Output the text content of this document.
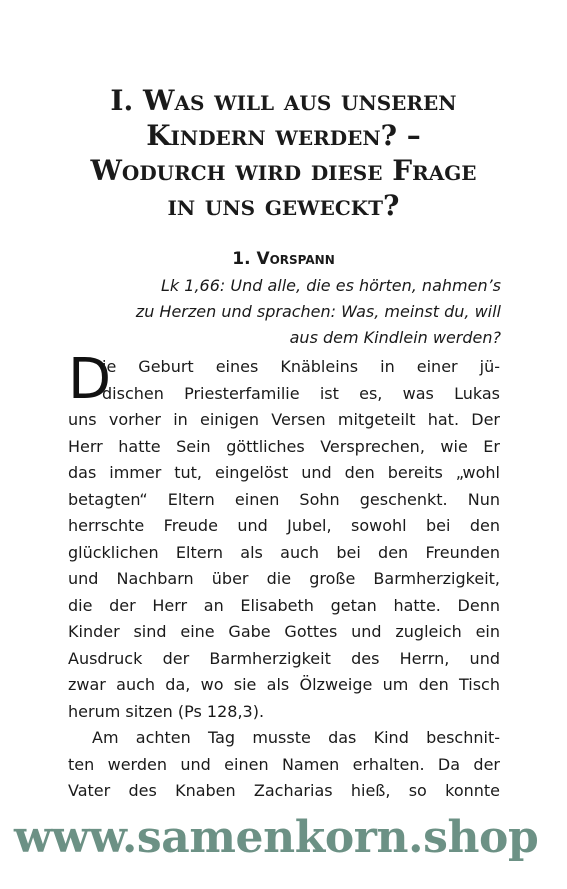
I. Was will aus unseren
Kindern werden? –
Wodurch wird diese Frage
in uns geweckt?
1. Vorspann
Lk 1,66: Und alle, die es hörten, nahmen’s
zu Herzen und sprachen: Was, meinst du, will
aus dem Kindlein werden?
D
ie Geburt eines Knäbleins in einer jü-
dischen Priesterfamilie ist es, was Lukas
uns vorher in einigen Versen mitgeteilt hat. Der
Herr hatte Sein göttliches Versprechen, wie Er
das immer tut, eingelöst und den bereits „wohl
betagten“ Eltern einen Sohn geschenkt. Nun
herrschte Freude und Jubel, sowohl bei den
glücklichen Eltern als auch bei den Freunden
und Nachbarn über die große Barmherzigkeit,
die der Herr an Elisabeth getan hatte. Denn
Kinder sind eine Gabe Gottes und zugleich ein
Ausdruck der Barmherzigkeit des Herrn, und
zwar auch da, wo sie als Ölzweige um den Tisch
herum sitzen (Ps 128,3).
Am achten Tag musste das Kind beschnit-
ten werden und einen Namen erhalten. Da der
Vater des Knaben Zacharias hieß, so konnte
www.samenkorn.shop
